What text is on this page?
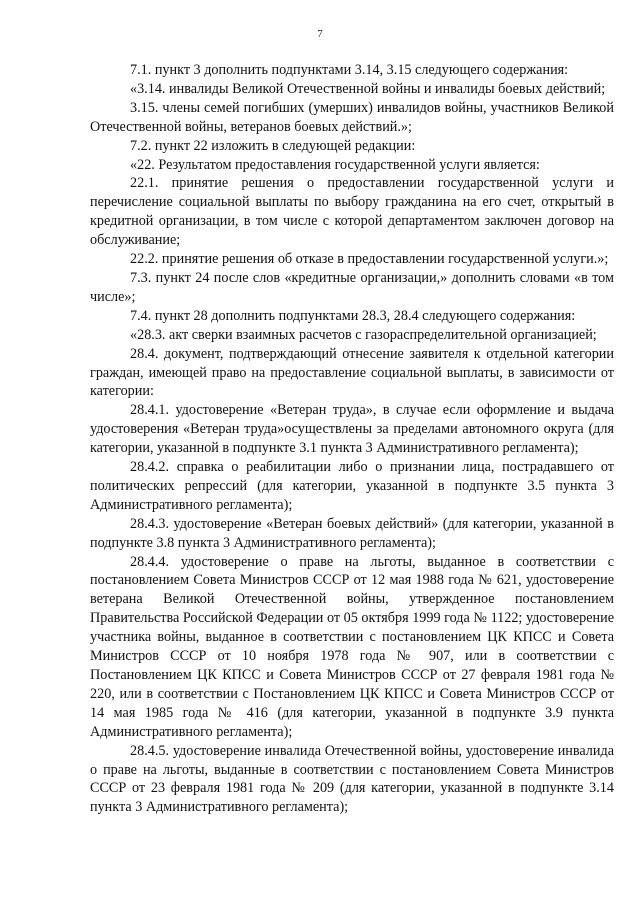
7

7.1. пункт 3 дополнить подпунктами 3.14, 3.15 следующего содержания:

«3.14. инвалиды Великой Отечественной войны и инвалиды боевых действий;

3.15. члены семей погибших (умерших) инвалидов войны, участников Великой Отечественной войны, ветеранов боевых действий.»;

7.2. пункт 22 изложить в следующей редакции:

«22. Результатом предоставления государственной услуги является:

22.1. принятие решения о предоставлении государственной услуги и перечисление социальной выплаты по выбору гражданина на его счет, открытый в кредитной организации, в том числе с которой департаментом заключен договор на обслуживание;

22.2. принятие решения об отказе в предоставлении государственной услуги.»;

7.3. пункт 24 после слов «кредитные организации,» дополнить словами «в том числе»;

7.4. пункт 28 дополнить подпунктами 28.3, 28.4 следующего содержания:

«28.3. акт сверки взаимных расчетов с газораспределительной организацией;

28.4. документ, подтверждающий отнесение заявителя к отдельной категории граждан, имеющей право на предоставление социальной выплаты, в зависимости от категории:

28.4.1. удостоверение «Ветеран труда», в случае если оформление и выдача удостоверения «Ветеран труда»осуществлены за пределами автономного округа (для категории, указанной в подпункте 3.1 пункта 3 Административного регламента);

28.4.2. справка о реабилитации либо о признании лица, пострадавшего от политических репрессий (для категории, указанной в подпункте 3.5 пункта 3 Административного регламента);

28.4.3. удостоверение «Ветеран боевых действий» (для категории, указанной в подпункте 3.8 пункта 3 Административного регламента);

28.4.4. удостоверение о праве на льготы, выданное в соответствии с постановлением Совета Министров СССР от 12 мая 1988 года № 621, удостоверение ветерана Великой Отечественной войны, утвержденное постановлением Правительства Российской Федерации от 05 октября 1999 года № 1122; удостоверение участника войны, выданное в соответствии с постановлением ЦК КПСС и Совета Министров СССР от 10 ноября 1978 года № 907, или в соответствии с Постановлением ЦК КПСС и Совета Министров СССР от 27 февраля 1981 года № 220, или в соответствии с Постановлением ЦК КПСС и Совета Министров СССР от 14 мая 1985 года № 416 (для категории, указанной в подпункте 3.9 пункта Административного регламента);

28.4.5. удостоверение инвалида Отечественной войны, удостоверение инвалида о праве на льготы, выданные в соответствии с постановлением Совета Министров СССР от 23 февраля 1981 года № 209 (для категории, указанной в подпункте 3.14 пункта 3 Административного регламента);
